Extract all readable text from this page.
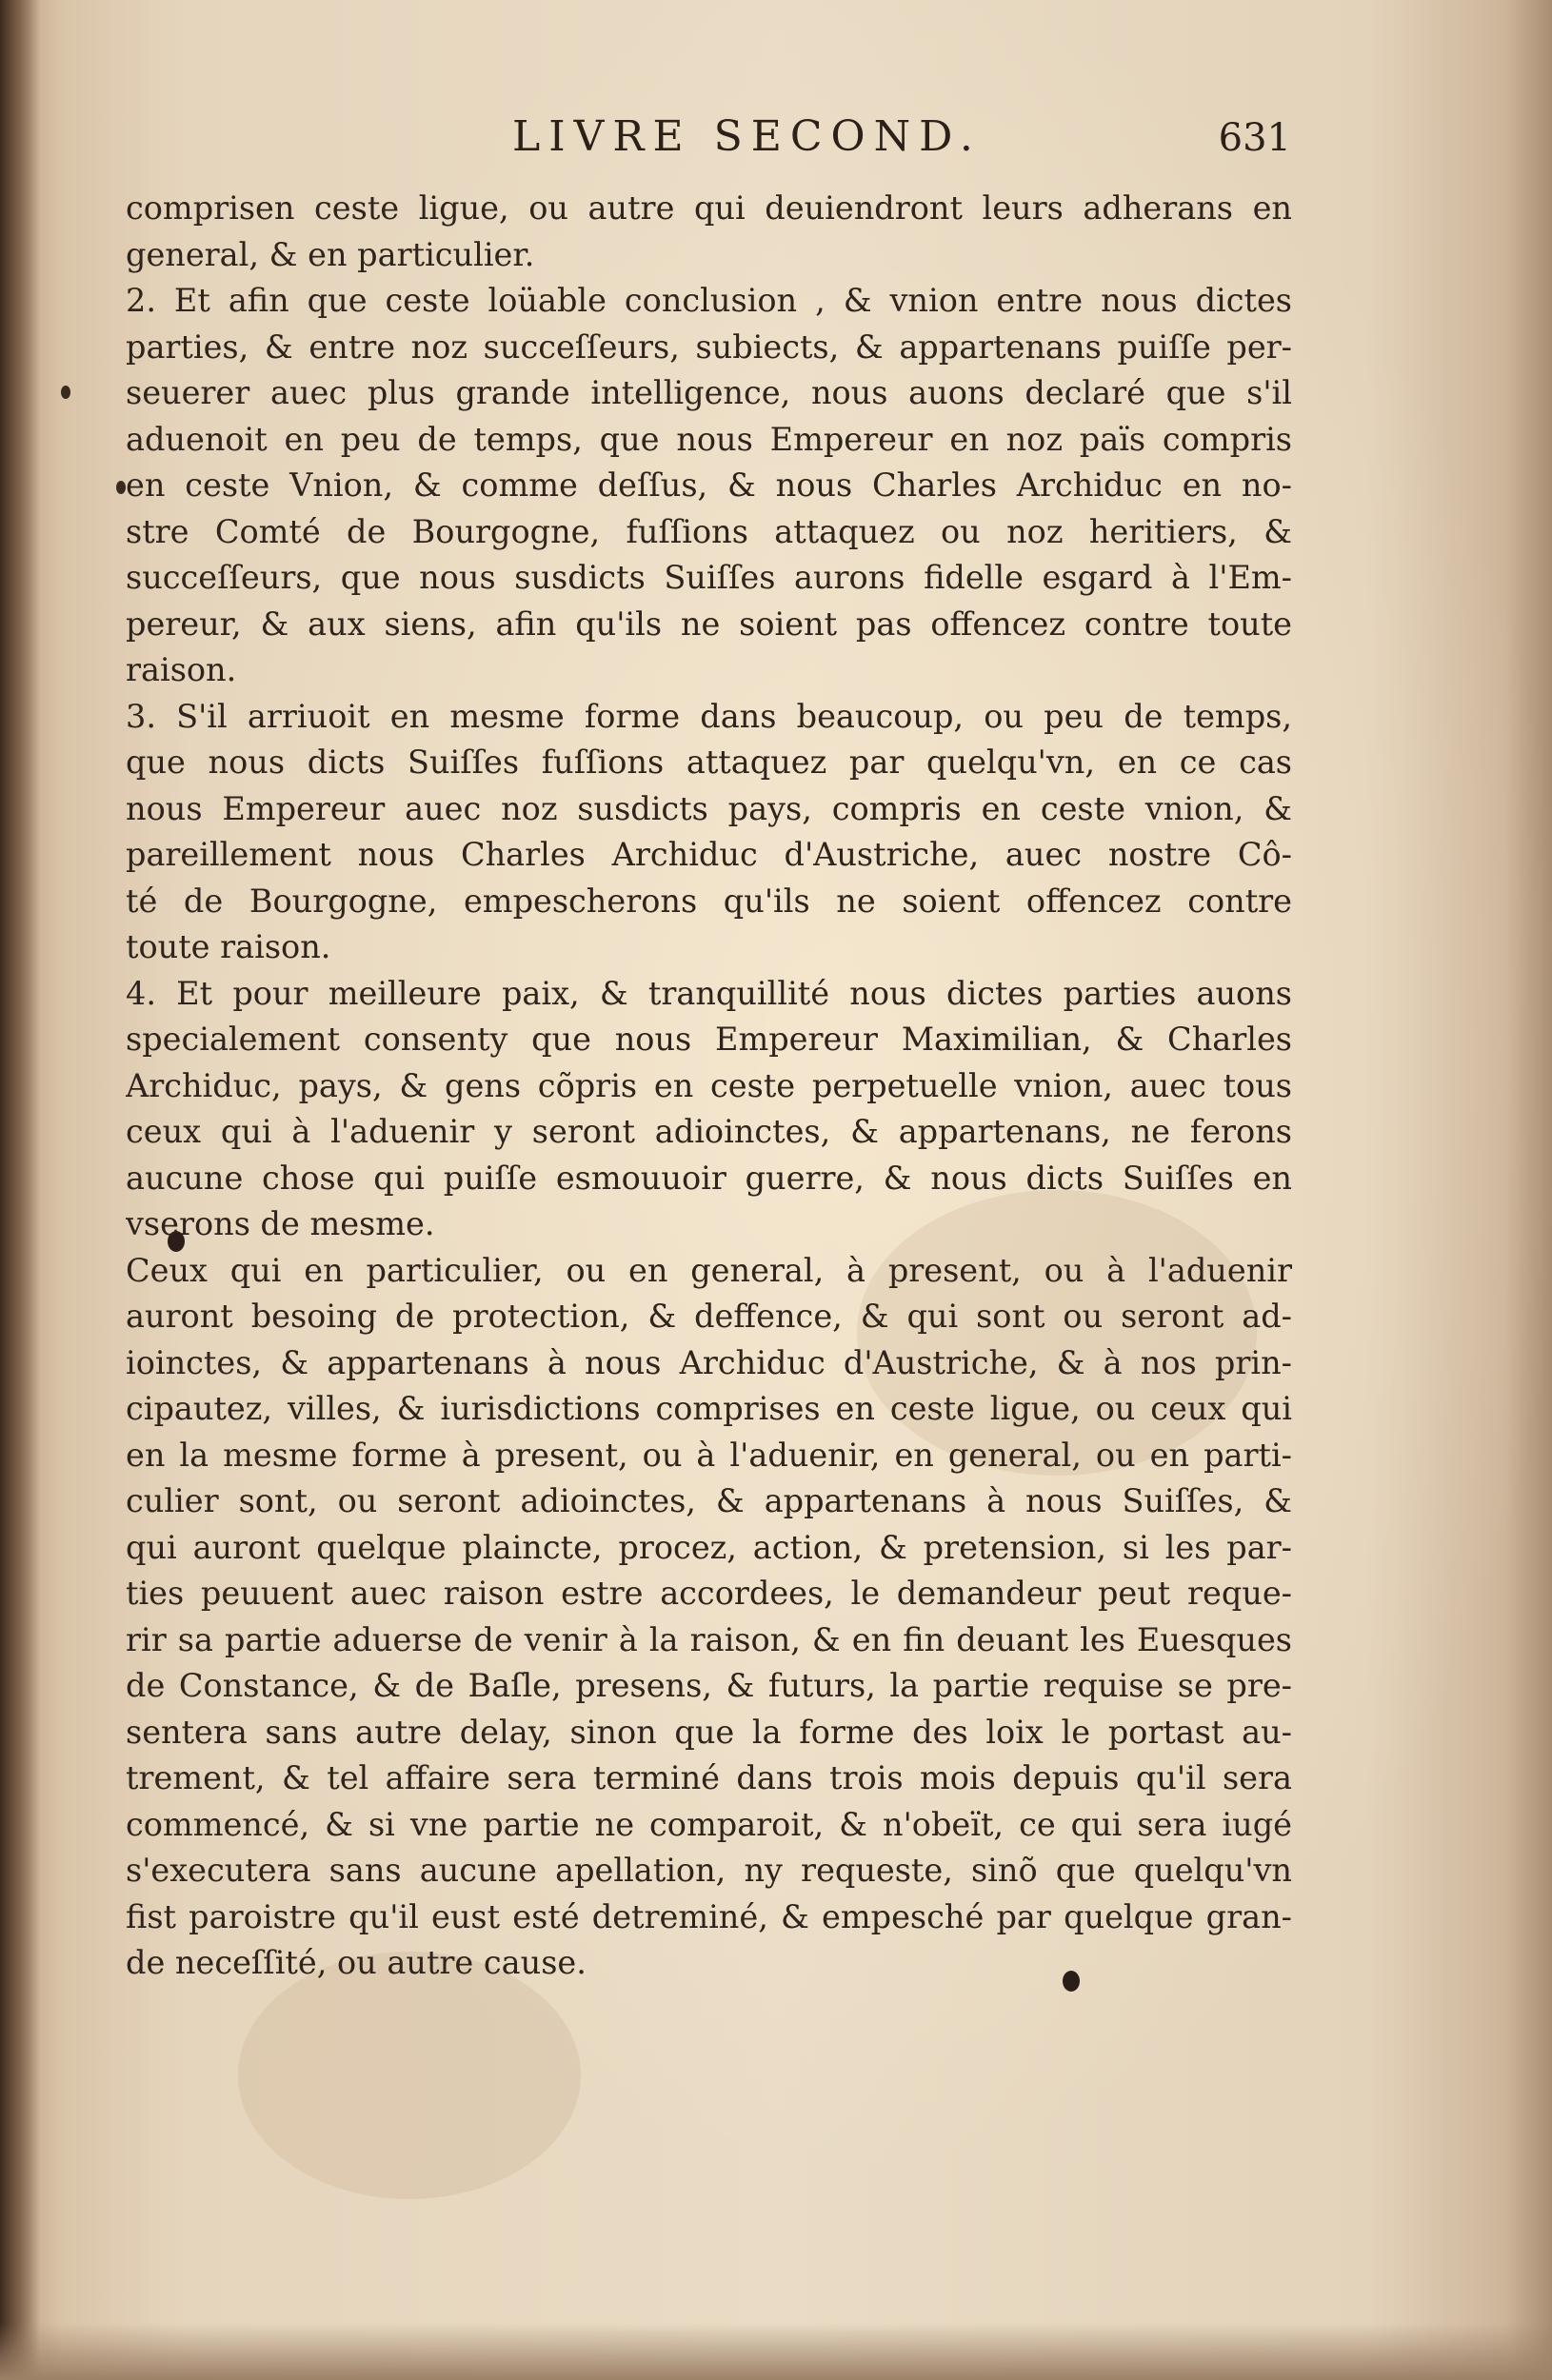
LIVRE SECOND.	631
comprisen ceste ligue, ou autre qui deuiendront leurs adherans en
general, & en particulier.
2. Et afin que ceste loüable conclusion , & vnion entre nous dictes
parties, & entre noz succeſſeurs, subiects, & appartenans puiſſe per-
seuerer auec plus grande intelligence, nous auons declaré que s'il
aduenoit en peu de temps, que nous Empereur en noz païs compris
en ceste Vnion, & comme deſſus, & nous Charles Archiduc en no-
stre Comté de Bourgogne, fuſſions attaquez ou noz heritiers, &
succeſſeurs, que nous susdicts Suiſſes aurons fidelle esgard à l'Em-
pereur, & aux siens, afin qu'ils ne soient pas offencez contre toute
raison.
3. S'il arriuoit en mesme forme dans beaucoup, ou peu de temps,
que nous dicts Suiſſes fuſſions attaquez par quelqu'vn, en ce cas
nous Empereur auec noz susdicts pays, compris en ceste vnion, &
pareillement nous Charles Archiduc d'Austriche, auec nostre Cô-
té de Bourgogne, empescherons qu'ils ne soient offencez contre
toute raison.
4. Et pour meilleure paix, & tranquillité nous dictes parties auons
specialement consenty que nous Empereur Maximilian, & Charles
Archiduc, pays, & gens cõpris en ceste perpetuelle vnion, auec tous
ceux qui à l'aduenir y seront adioinctes, & appartenans, ne ferons
aucune chose qui puiſſe esmouuoir guerre, & nous dicts Suiſſes en
vserons de mesme.
Ceux qui en particulier, ou en general, à present, ou à l'aduenir
auront besoing de protection, & deffence, & qui sont ou seront ad-
ioinctes, & appartenans à nous Archiduc d'Austriche, & à nos prin-
cipautez, villes, & iurisdictions comprises en ceste ligue, ou ceux qui
en la mesme forme à present, ou à l'aduenir, en general, ou en parti-
culier sont, ou seront adioinctes, & appartenans à nous Suiſſes, &
qui auront quelque plaincte, procez, action, & pretension, si les par-
ties peuuent auec raison estre accordees, le demandeur peut reque-
rir sa partie aduerse de venir à la raison, & en fin deuant les Euesques
de Constance, & de Baſle, presens, & futurs, la partie requise se pre-
sentera sans autre delay, sinon que la forme des loix le portast au-
trement, & tel affaire sera terminé dans trois mois depuis qu'il sera
commencé, & si vne partie ne comparoit, & n'obeït, ce qui sera iugé
s'executera sans aucune apellation, ny requeste, sinõ que quelqu'vn
fist paroistre qu'il eust esté detreminé, & empesché par quelque gran-
de neceſſité, ou autre cause.
